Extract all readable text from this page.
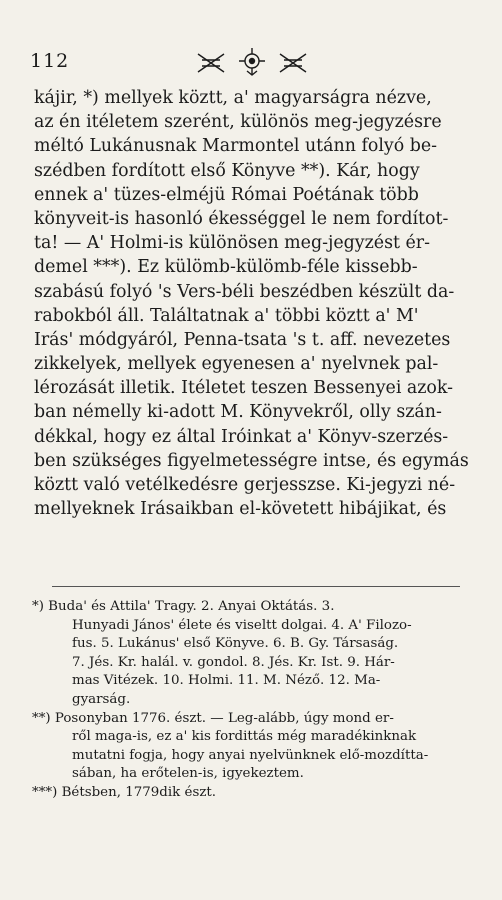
112
kájir, *) mellyek köztt, a' magyarságra nézve,
az én itéletem szerént, különös meg-jegyzésre
méltó Lukánusnak Marmontel utánn folyó be-
szédben fordított első Könyve **). Kár, hogy
ennek a' tüzes-elméjü Római Poétának több
könyveit-is hasonló ékességgel le nem fordítot-
ta! — A' Holmi-is különösen meg-jegyzést ér-
demel ***). Ez külömb-külömb-féle kissebb-
szabású folyó 's Vers-béli beszédben készült da-
rabokból áll. Találtatnak a' többi köztt a' M'
Irás' módgyáról, Penna-tsata 's t. aff. nevezetes
zikkelyek, mellyek egyenesen a' nyelvnek pal-
lérozását illetik. Itéletet teszen Bessenyei azok-
ban némelly ki-adott M. Könyvekről, olly szán-
dékkal, hogy ez által Iróinkat a' Könyv-szerzés-
ben szükséges figyelmetességre intse, és egymás
köztt való vetélkedésre gerjesszse. Ki-jegyzi né-
mellyeknek Irásaikban el-követett hibájikat, és
*) Buda' és Attila' Tragy. 2. Anyai Oktátás. 3.
Hunyadi János' élete és viseltt dolgai. 4. A' Filozo-
fus. 5. Lukánus' első Könyve. 6. B. Gy. Társaság.
7. Jés. Kr. halál. v. gondol. 8. Jés. Kr. Ist. 9. Hár-
mas Vitézek. 10. Holmi. 11. M. Néző. 12. Ma-
gyarság.
**) Posonyban 1776. észt. — Leg-alább, úgy mond er-
ről maga-is, ez a' kis fordittás még maradékinknak
mutatni fogja, hogy anyai nyelvünknek elő-mozdítta-
sában, ha erőtelen-is, igyekeztem.
***) Bétsben, 1779dik észt.
